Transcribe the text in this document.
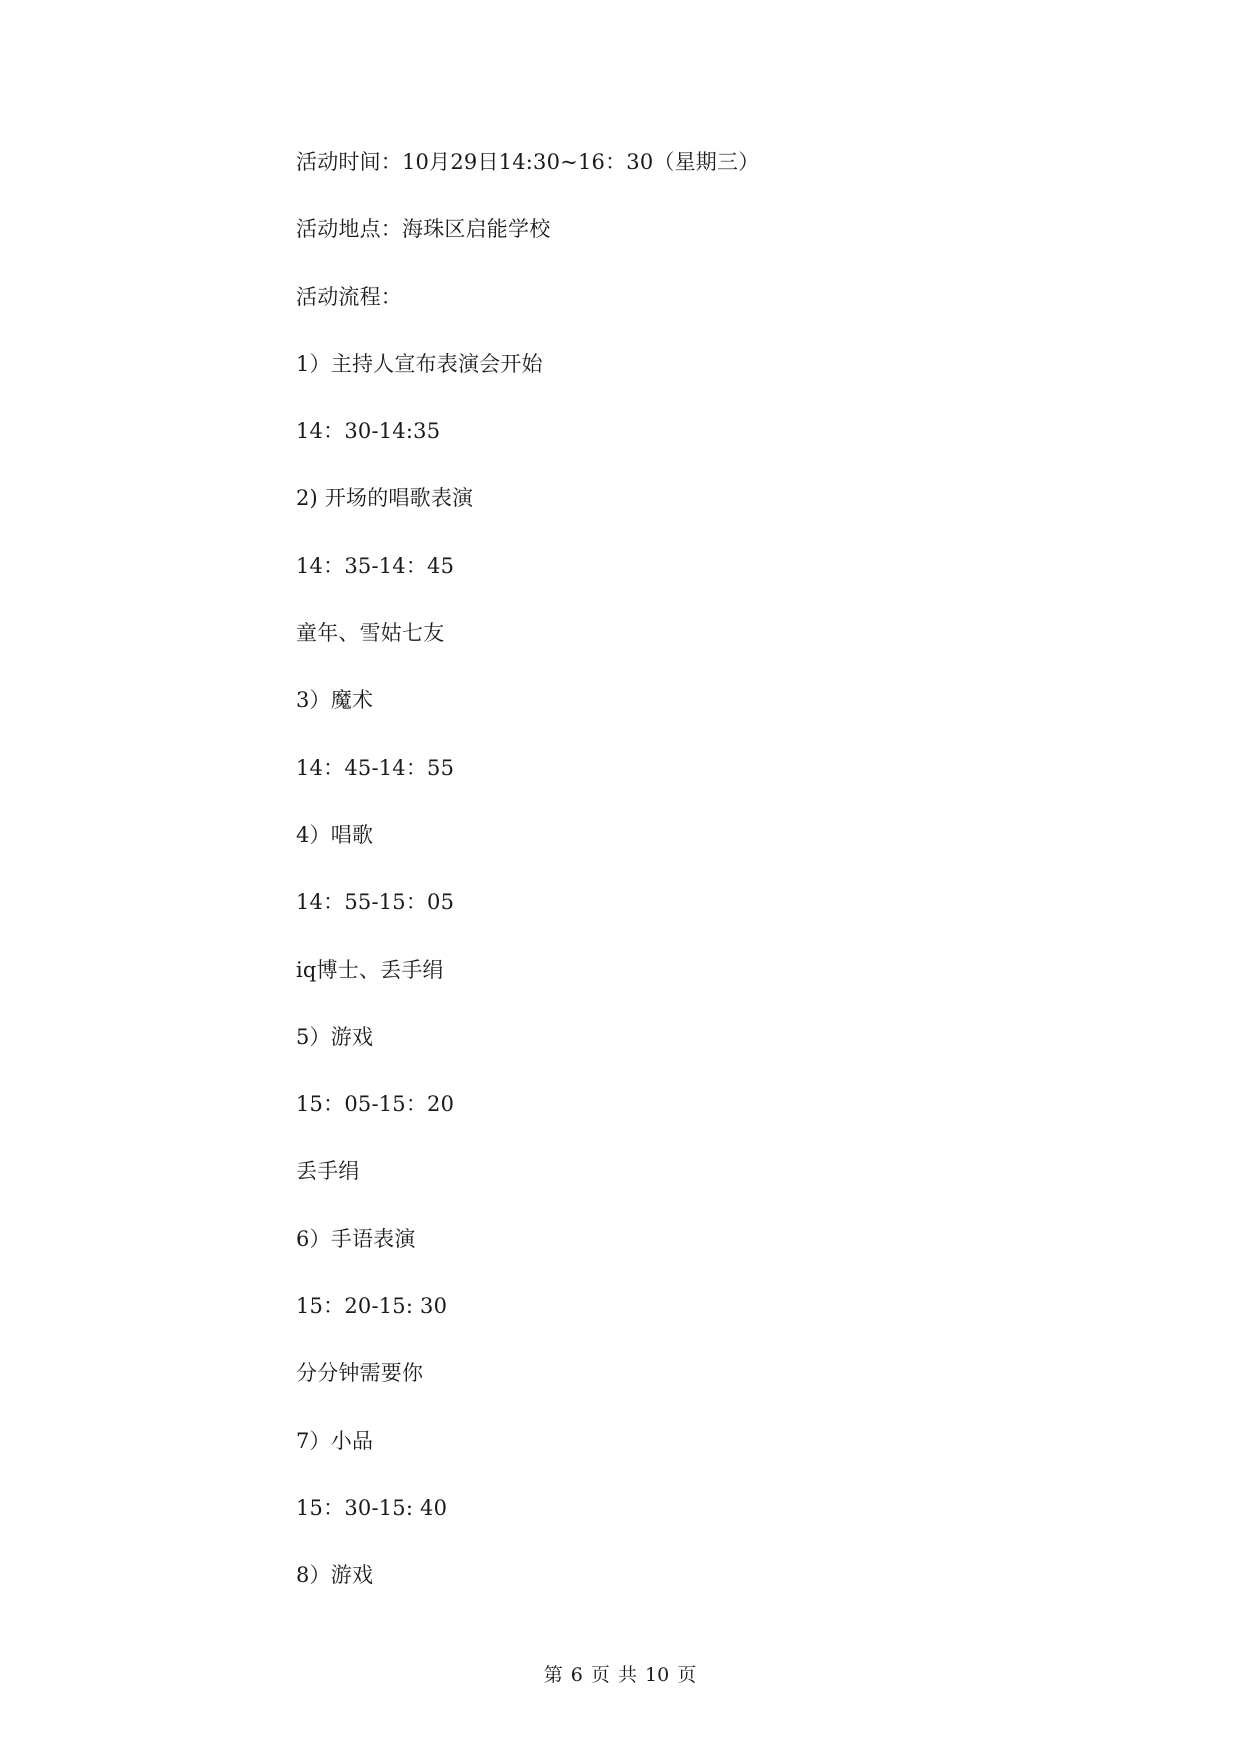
活动时间：10月29日14:30~16：30（星期三）
活动地点：海珠区启能学校
活动流程：
1）主持人宣布表演会开始
14：30-14:35
2) 开场的唱歌表演
14：35-14：45
童年、雪姑七友
3）魔术
14：45-14：55
4）唱歌
14：55-15：05
iq博士、丢手绢
5）游戏
15：05-15：20
丢手绢
6）手语表演
15：20-15: 30
分分钟需要你
7）小品
15：30-15: 40
8）游戏
第 6 页 共 10 页
